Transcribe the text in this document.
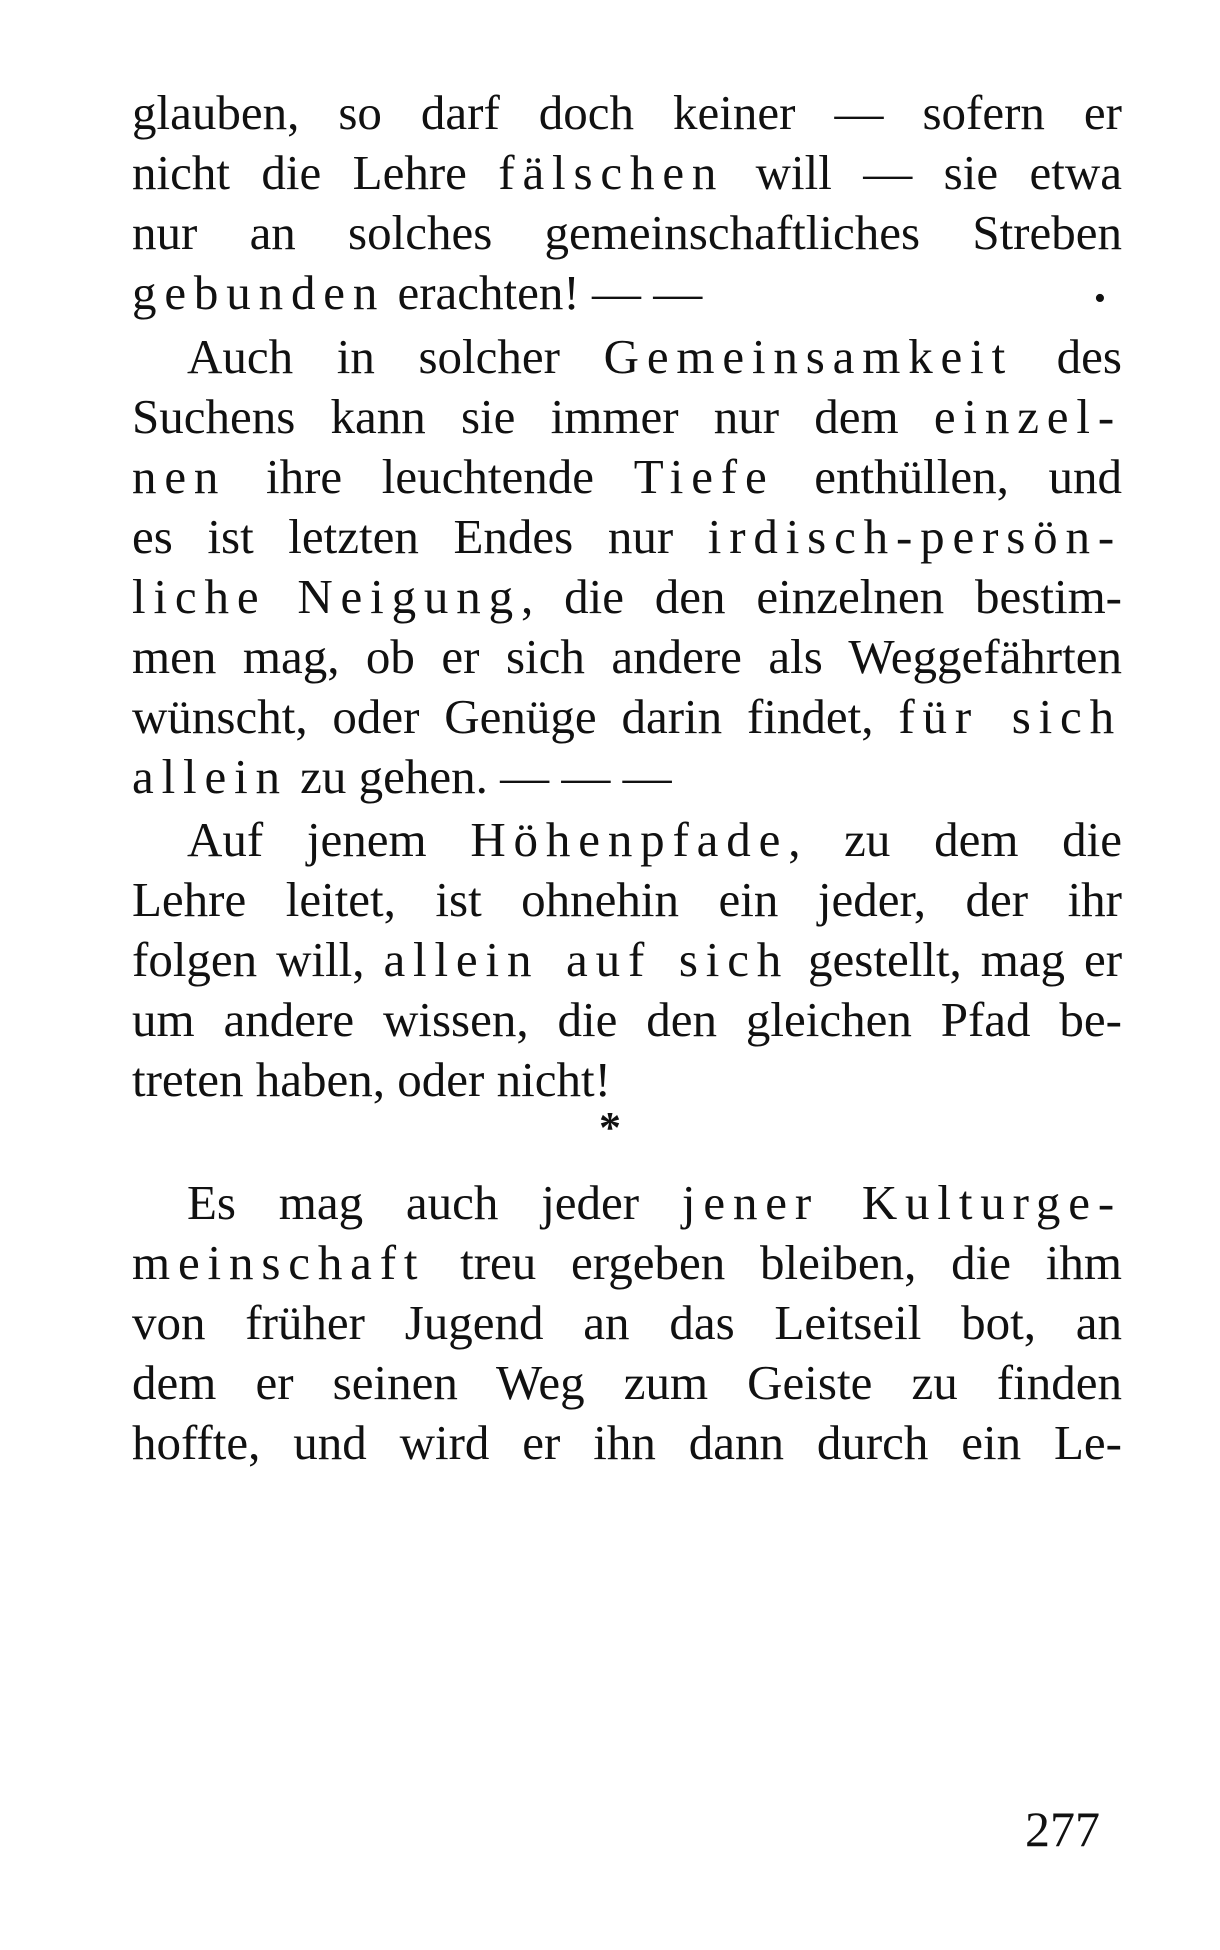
glauben, so darf doch keiner — sofern er
nicht die Lehre fälschen will — sie etwa
nur an solches gemeinschaftliches Streben
gebunden erachten! — —	•
Auch in solcher Gemeinsamkeit des
Suchens kann sie immer nur dem einzel-
nen ihre leuchtende Tiefe enthüllen, und
es ist letzten Endes nur irdisch-persön-
liche Neigung, die den einzelnen bestim-
men mag, ob er sich andere als Weggefährten
wünscht, oder Genüge darin findet, für sich
allein zu gehen. — — —
Auf jenem Höhenpfade, zu dem die
Lehre leitet, ist ohnehin ein jeder, der ihr
folgen will, allein auf sich gestellt, mag er
um andere wissen, die den gleichen Pfad be-
treten haben, oder nicht!
*
Es mag auch jeder jener Kulturge-
meinschaft treu ergeben bleiben, die ihm
von früher Jugend an das Leitseil bot, an
dem er seinen Weg zum Geiste zu finden
hoffte, und wird er ihn dann durch ein Le-
277
